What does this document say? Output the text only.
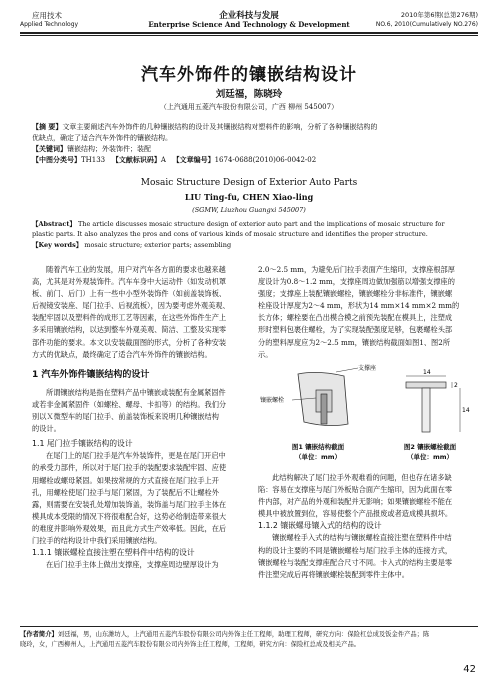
应用技术
Applied Technology
企业科技与发展
Enterprise Science And Technology & Development
2010年第6期(总第276期)
NO.6, 2010(Cumulatively NO.276)
汽车外饰件的镶嵌结构设计
刘廷福，陈晓玲
（上汽通用五菱汽车股份有限公司，广西 柳州 545007）
【摘 要】文章主要阐述汽车外饰件的几种镶嵌结构的设计及其镶嵌结构对塑料件的影响，分析了各种镶嵌结构的
优缺点，确定了适合汽车外饰件的镶嵌结构。
【关键词】镶嵌结构；外装饰件；装配
【中图分类号】TH133 【文献标识码】A 【文章编号】1674-0688(2010)06-0042-02
Mosaic Structure Design of Exterior Auto Parts
LIU Ting-fu, CHEN Xiao-ling
(SGMW, Liuzhou Guangxi 545007)
【Abstract】 The article discusses mosaic structure design of exterior auto part and the implications of mosaic structure for
plastic parts. It also analyzes the pros and cons of various kinds of mosaic structure and identifies the proper structure.
【Key words】 mosaic structure; exterior parts; assembling
随着汽车工业的发展，用户对汽车各方面的要求也越来越
高，尤其是对外观装饰件。汽车车身中大运动件（如发动机罩
板、前门、后门）上有一些中小型外装饰件（如前盖装饰板、
后视镜安装座、尾门拉手、后视流板），因为要考虑外观美观、
装配牢固以及塑料件的成形工艺等因素，在这些外饰件生产上
多采用镶嵌结构，以达到整车外观美观、简洁、工整及实现零
部件功能的要求。本文以安装截面图的形式，分析了各种安装
方式的优缺点，最终确定了适合汽车外饰件的镶嵌结构。
1 汽车外饰件镶嵌结构的设计
所谓镶嵌结构是指在塑料产品中镶嵌或装配有金属紧固件
或若非金属紧固件（如螺栓、螺母、卡扣等）的结构。我们分
别以Ｘ微型车的尾门拉手、前盖装饰板来说明几种镶嵌结构
的设计。
1.1 尾门拉手镶嵌结构的设计
在尾门上的尾门拉手是汽车外装饰件，更是在尾门开启中
的承受力部件，所以对于尾门拉手的装配要求装配牢固、应使
用螺栓或螺母紧固。如果按常规的方式直接在尾门拉手上开
孔，用螺栓使尾门拉手与尾门紧固，为了装配后不让螺栓外
露，则需要在安装孔处增加装饰盖，装饰盖与尾门拉手主体在
模具成本受限的情况下将很难配合好，这势必给制造带来很大
的难度并影响外观效果，而且此方式生产效率低。因此，在后
门拉手的结构设计中我们采用镶嵌结构。
1.1.1 镶嵌螺栓直接注塑在塑料件中结构的设计
在后门拉手主体上做出支撑座，支撑座周边壁厚设计为
2.0～2.5 mm，为避免后门拉手表面产生缩印，支撑座根部厚
度设计为0.8～1.2 mm，支撑座周边做加强筋以增强支撑座的
强度；支撑座上装配镶嵌螺栓，镶嵌螺栓分非标准件，镶嵌螺
栓座设计厚度为2～4 mm，形状为14 mm×14 mm×2 mm的
长方体；螺栓要在凸出模合模之前预先装配在模具上，注塑成
形时塑料包裹住螺栓，为了实现装配强度足够，包裹螺栓头部
分的塑料厚度应为2～2.5 mm，镶嵌结构截面如图1、图2所
示。
支撑座
镶嵌螺栓
14
2
14
图1 镶嵌结构截面
（单位：mm）
图2 镶嵌螺栓截面
（单位：mm）
此结构解决了尾门拉手外观难看的问题，但也存在诸多缺
陷：容易在支撑座与尾门外板贴合面产生缩印，因为此面在零
件内部，对产品的外观和装配并无影响；如果镶嵌螺栓不能在
模具中被放置到位，容易使整个产品报废或者造成模具损坏。
1.1.2 镶嵌螺母镶入式的结构的设计
镶嵌螺栓手入式的结构与镶嵌螺栓直接注塑在塑料件中结
构的设计主要的不同是镶嵌螺栓与尾门拉手主体的连接方式，
镶嵌螺栓与装配支撑座配合尺寸不同。卡入式的结构主要是零
件注塑完成后再将镶嵌螺栓装配到零件主体中。
【作者简介】刘廷福，男，山东潍坊人，上汽通用五菱汽车股份有限公司内外饰主任工程师，助理工程师，研究方向：保险杠总成及钣金件产品；陈
晓玲，女，广西柳州人，上汽通用五菱汽车股份有限公司内外饰主任工程师，工程师，研究方向：保险杠总成及相关产品。
42
